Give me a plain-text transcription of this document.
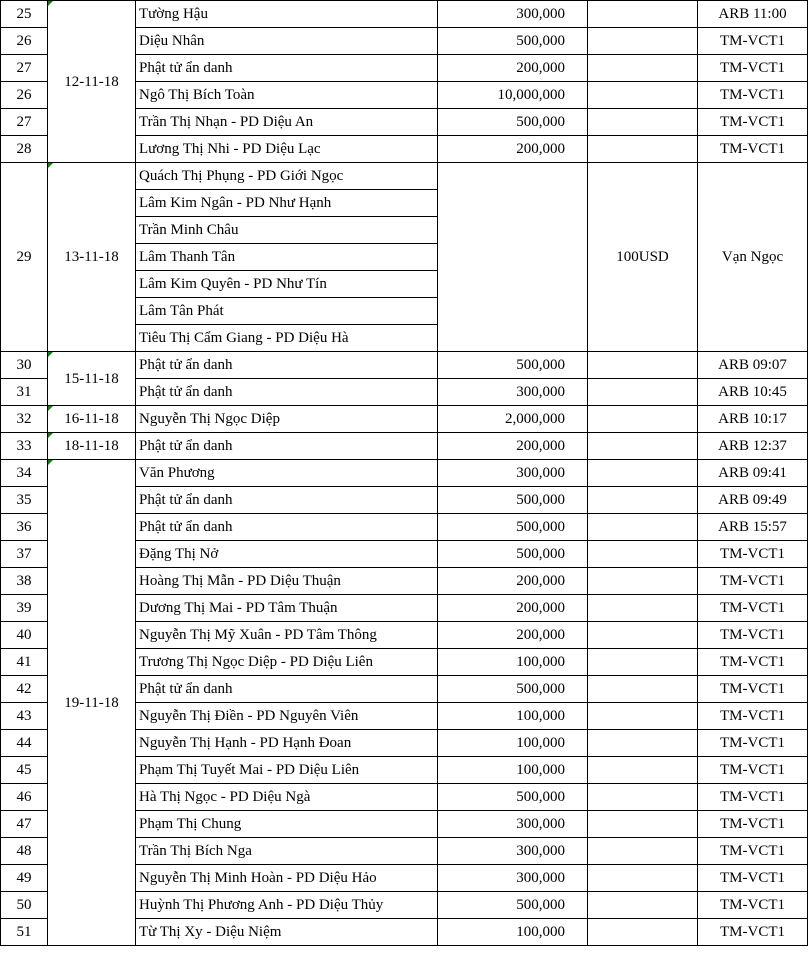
25	12-11-18	Tường Hậu	300,000		ARB 11:00
26		Diệu Nhân	500,000		TM-VCT1
27		Phật tử ẩn danh	200,000		TM-VCT1
26		Ngô Thị Bích Toàn	10,000,000		TM-VCT1
27		Trần Thị Nhạn - PD Diệu An	500,000		TM-VCT1
28		Lương Thị Nhi - PD Diệu Lạc	200,000		TM-VCT1
29	13-11-18	Quách Thị Phụng - PD Giới Ngọc		100USD	Vạn Ngọc
		Lâm Kim Ngân - PD Như Hạnh			
		Trần Minh Châu			
		Lâm Thanh Tân			
		Lâm Kim Quyên - PD Như Tín			
		Lâm Tân Phát			
		Tiêu Thị Cẩm Giang - PD Diệu Hà			
30	15-11-18	Phật tử ẩn danh	500,000		ARB 09:07
31		Phật tử ẩn danh	300,000		ARB 10:45
32	16-11-18	Nguyễn Thị Ngọc Diệp	2,000,000		ARB 10:17
33	18-11-18	Phật tử ẩn danh	200,000		ARB 12:37
34	19-11-18	Văn Phương	300,000		ARB 09:41
35		Phật tử ẩn danh	500,000		ARB 09:49
36		Phật tử ẩn danh	500,000		ARB 15:57
37		Đặng Thị Nở	500,000		TM-VCT1
38		Hoàng Thị Mẫn - PD Diệu Thuận	200,000		TM-VCT1
39		Dương Thị Mai - PD Tâm Thuận	200,000		TM-VCT1
40		Nguyễn Thị Mỹ Xuân - PD Tâm Thông	200,000		TM-VCT1
41		Trương Thị Ngọc Diệp - PD Diệu Liên	100,000		TM-VCT1
42		Phật tử ẩn danh	500,000		TM-VCT1
43		Nguyễn Thị Điền - PD Nguyên Viên	100,000		TM-VCT1
44		Nguyễn Thị Hạnh - PD Hạnh Đoan	100,000		TM-VCT1
45		Phạm Thị Tuyết Mai - PD Diệu Liên	100,000		TM-VCT1
46		Hà Thị Ngọc - PD Diệu Ngà	500,000		TM-VCT1
47		Phạm Thị Chung	300,000		TM-VCT1
48		Trần Thị Bích Nga	300,000		TM-VCT1
49		Nguyễn Thị Minh Hoàn - PD Diệu Hảo	300,000		TM-VCT1
50		Huỳnh Thị Phương Anh - PD Diệu Thủy	500,000		TM-VCT1
51		Từ Thị Xy - Diệu Niệm	100,000		TM-VCT1
